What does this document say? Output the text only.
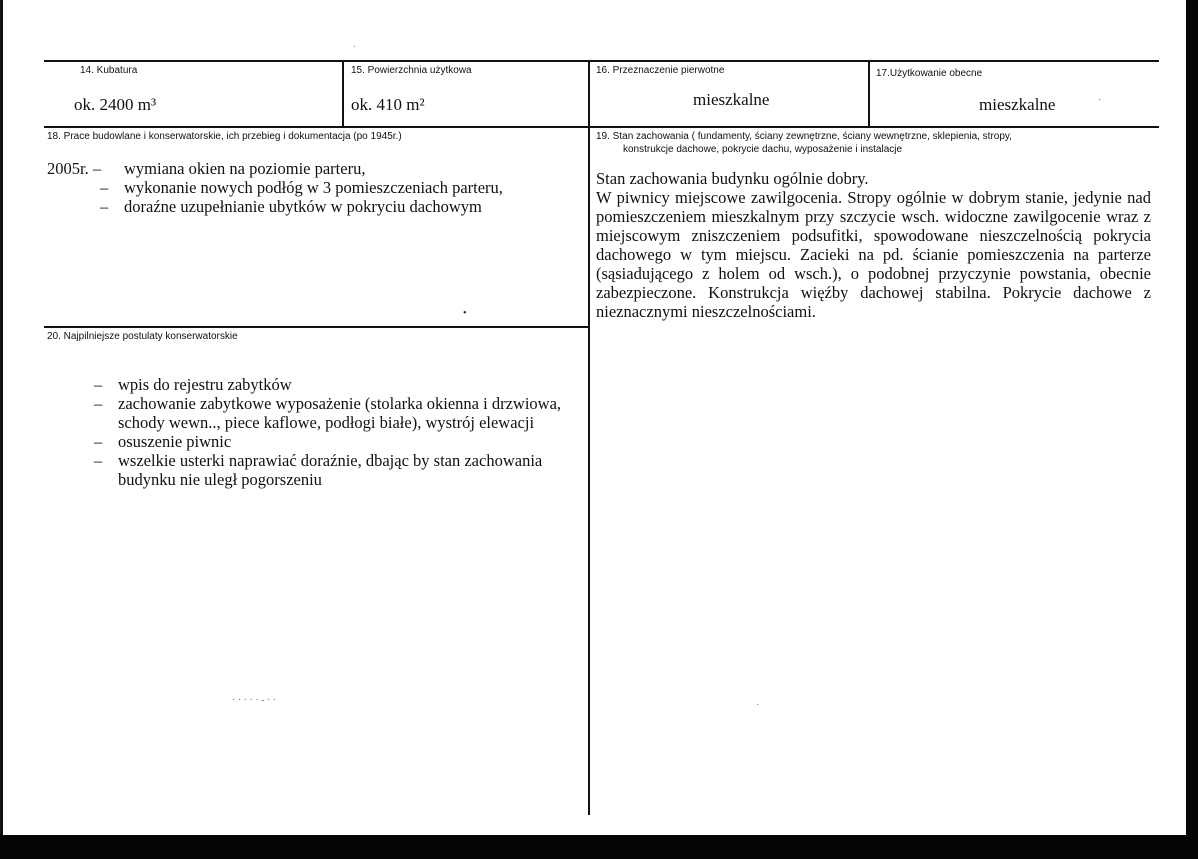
14. Kubatura
ok. 2400 m³
15. Powierzchnia użytkowa
ok. 410 m²
16. Przeznaczenie pierwotne
mieszkalne
17.Użytkowanie obecne
mieszkalne
18. Prace budowlane i konserwatorskie, ich przebieg i dokumentacja (po 1945r.)
2005r. –	wymiana okien na poziomie parteru,
– wykonanie nowych podłóg w 3 pomieszczeniach parteru,
– doraźne uzupełnianie ubytków w pokryciu dachowym
19. Stan zachowania ( fundamenty, ściany zewnętrzne, ściany wewnętrzne, sklepienia, stropy,
konstrukcje dachowe, pokrycie dachu, wyposażenie i instalacje

Stan zachowania budynku ogólnie dobry.

W piwnicy miejscowe zawilgocenia. Stropy ogólnie w dobrym stanie, jedynie nad pomieszczeniem mieszkalnym przy szczycie wsch. widoczne zawilgocenie wraz z miejscowym zniszczeniem podsufitki, spowodowane nieszczelnością pokrycia dachowego w tym miejscu. Zacieki na pd. ścianie pomieszczenia na parterze (sąsiadującego z holem od wsch.), o podobnej przyczynie powstania, obecnie zabezpieczone. Konstrukcja więźby dachowej stabilna. Pokrycie dachowe z nieznacznymi nieszczelnościami.

20. Najpilniejsze postulaty konserwatorskie
– wpis do rejestru zabytków
– zachowanie zabytkowe wyposażenie (stolarka okienna i drzwiowa,
schody wewn.., piece kaflowe, podłogi białe), wystrój elewacji
– osuszenie piwnic
– wszelkie usterki naprawiać doraźnie, dbając by stan zachowania
budynku nie uległ pogorszeniu
·
•
· · · · · - · ·
·
·
